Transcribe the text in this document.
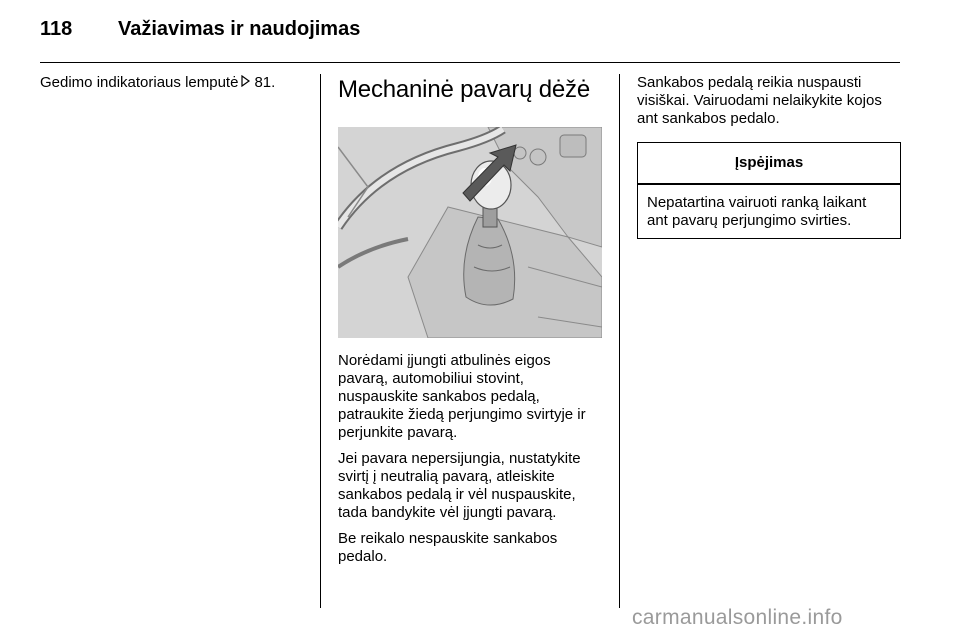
118	Važiavimas ir naudojimas

Gedimo indikatoriaus lemputė 81.	Mechaninė pavarų dėžė

Norėdami įjungti atbulinės eigos pavarą, automobiliui stovint, nuspauskite sankabos pedalą, patraukite žiedą perjungimo svirtyje ir perjunkite pavarą.

Jei pavara nepersijungia, nustatykite svirtį į neutralią pavarą, atleiskite sankabos pedalą ir vėl nuspauskite, tada bandykite vėl įjungti pavarą.

Be reikalo nespauskite sankabos pedalo.

Sankabos pedalą reikia nuspausti visiškai. Vairuodami nelaikykite kojos ant sankabos pedalo.

Įspėjimas
Nepatartina vairuoti ranką laikant ant pavarų perjungimo svirties.
carmanualsonline.info
